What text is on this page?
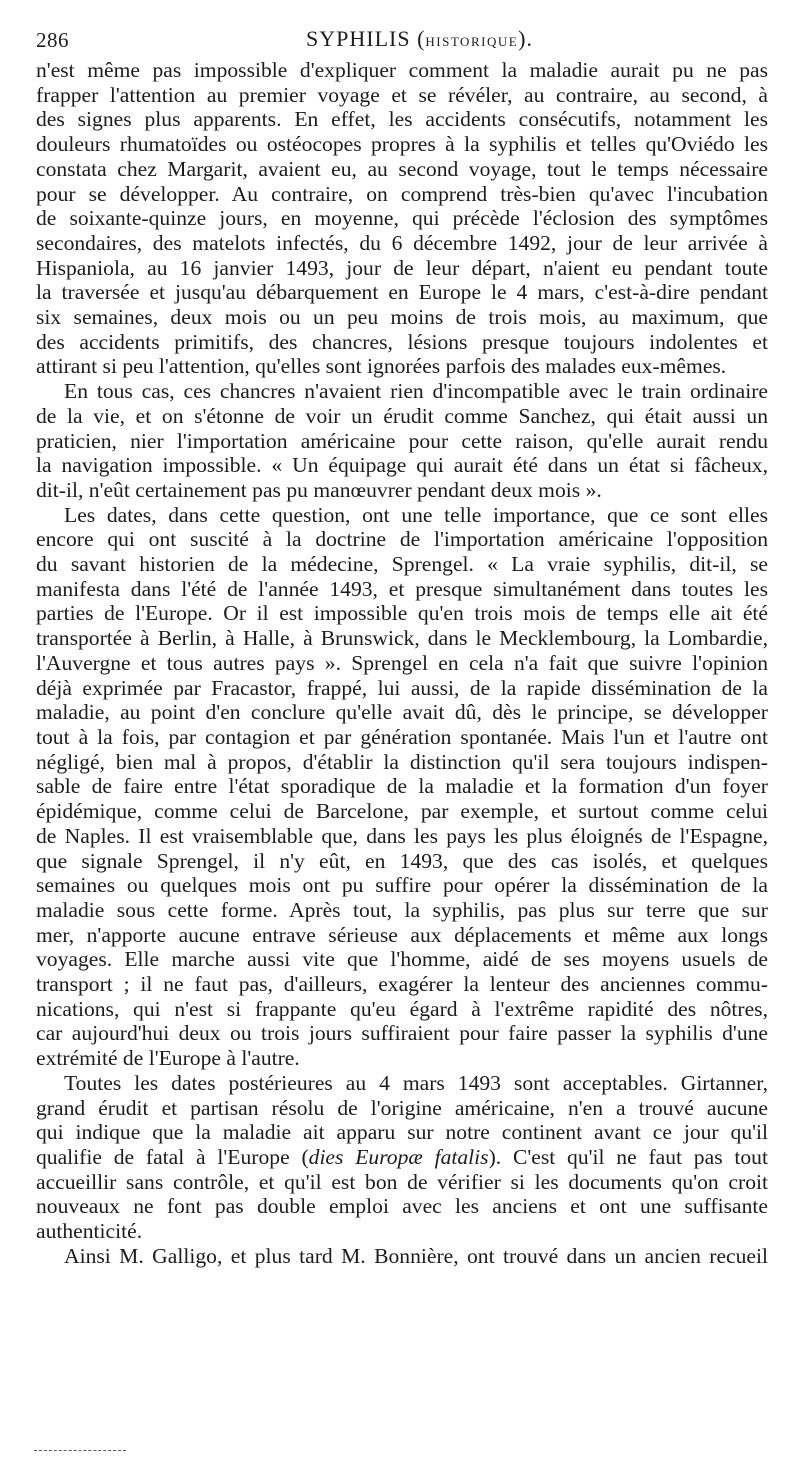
286	SYPHILIS (HISTORIQUE).
n'est même pas impossible d'expliquer comment la maladie aurait pu ne pas
frapper l'attention au premier voyage et se révéler, au contraire, au second, à
des signes plus apparents. En effet, les accidents consécutifs, notamment les
douleurs rhumatoïdes ou ostéocopes propres à la syphilis et telles qu'Oviédo les
constata chez Margarit, avaient eu, au second voyage, tout le temps nécessaire
pour se développer. Au contraire, on comprend très-bien qu'avec l'incubation
de soixante-quinze jours, en moyenne, qui précède l'éclosion des symptômes
secondaires, des matelots infectés, du 6 décembre 1492, jour de leur arrivée à
Hispaniola, au 16 janvier 1493, jour de leur départ, n'aient eu pendant toute
la traversée et jusqu'au débarquement en Europe le 4 mars, c'est-à-dire pendant
six semaines, deux mois ou un peu moins de trois mois, au maximum, que
des accidents primitifs, des chancres, lésions presque toujours indolentes et
attirant si peu l'attention, qu'elles sont ignorées parfois des malades eux-mêmes.
En tous cas, ces chancres n'avaient rien d'incompatible avec le train ordinaire
de la vie, et on s'étonne de voir un érudit comme Sanchez, qui était aussi un
praticien, nier l'importation américaine pour cette raison, qu'elle aurait rendu
la navigation impossible. « Un équipage qui aurait été dans un état si fâcheux,
dit-il, n'eût certainement pas pu manœuvrer pendant deux mois ».
Les dates, dans cette question, ont une telle importance, que ce sont elles
encore qui ont suscité à la doctrine de l'importation américaine l'opposition
du savant historien de la médecine, Sprengel. « La vraie syphilis, dit-il, se
manifesta dans l'été de l'année 1493, et presque simultanément dans toutes les
parties de l'Europe. Or il est impossible qu'en trois mois de temps elle ait été
transportée à Berlin, à Halle, à Brunswick, dans le Mecklembourg, la Lombardie,
l'Auvergne et tous autres pays ». Sprengel en cela n'a fait que suivre l'opinion
déjà exprimée par Fracastor, frappé, lui aussi, de la rapide dissémination de la
maladie, au point d'en conclure qu'elle avait dû, dès le principe, se développer
tout à la fois, par contagion et par génération spontanée. Mais l'un et l'autre ont
négligé, bien mal à propos, d'établir la distinction qu'il sera toujours indispen-
sable de faire entre l'état sporadique de la maladie et la formation d'un foyer
épidémique, comme celui de Barcelone, par exemple, et surtout comme celui
de Naples. Il est vraisemblable que, dans les pays les plus éloignés de l'Espagne,
que signale Sprengel, il n'y eût, en 1493, que des cas isolés, et quelques
semaines ou quelques mois ont pu suffire pour opérer la dissémination de la
maladie sous cette forme. Après tout, la syphilis, pas plus sur terre que sur
mer, n'apporte aucune entrave sérieuse aux déplacements et même aux longs
voyages. Elle marche aussi vite que l'homme, aidé de ses moyens usuels de
transport ; il ne faut pas, d'ailleurs, exagérer la lenteur des anciennes commu-
nications, qui n'est si frappante qu'eu égard à l'extrême rapidité des nôtres,
car aujourd'hui deux ou trois jours suffiraient pour faire passer la syphilis d'une
extrémité de l'Europe à l'autre.
Toutes les dates postérieures au 4 mars 1493 sont acceptables. Girtanner,
grand érudit et partisan résolu de l'origine américaine, n'en a trouvé aucune
qui indique que la maladie ait apparu sur notre continent avant ce jour qu'il
qualifie de fatal à l'Europe (dies Europæ fatalis). C'est qu'il ne faut pas tout
accueillir sans contrôle, et qu'il est bon de vérifier si les documents qu'on croit
nouveaux ne font pas double emploi avec les anciens et ont une suffisante
authenticité.
Ainsi M. Galligo, et plus tard M. Bonnière, ont trouvé dans un ancien recueil
